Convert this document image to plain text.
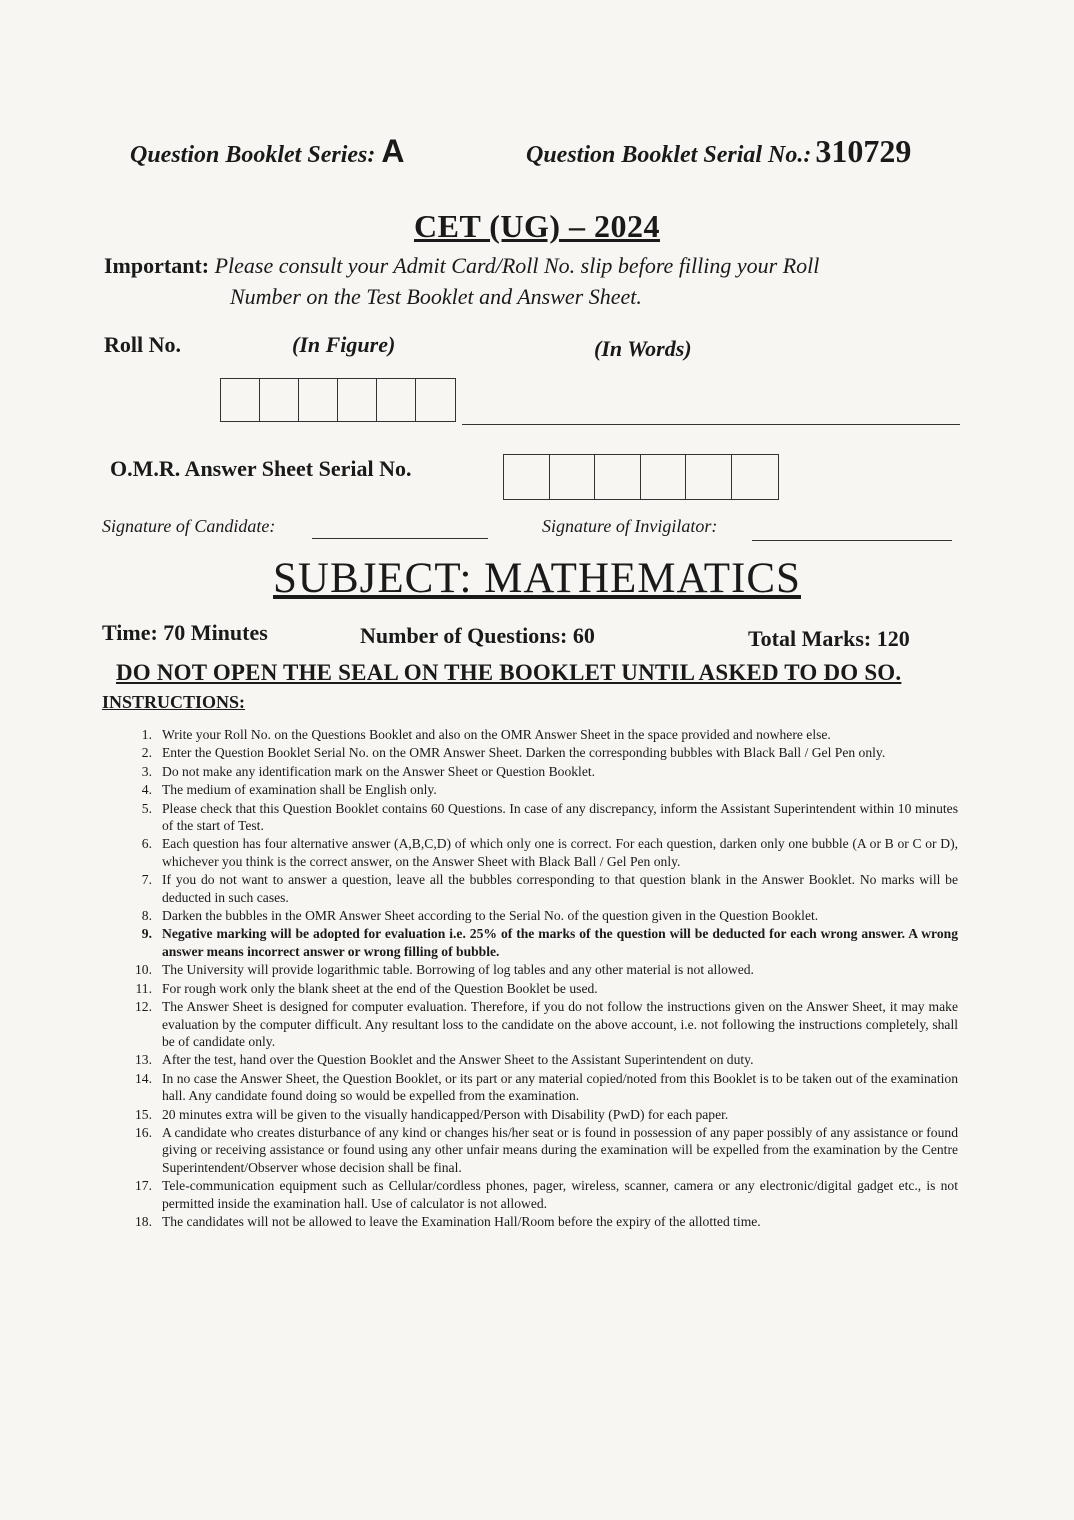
Question Booklet Series: A	Question Booklet Serial No.: 310729
CET (UG) – 2024
Important: Please consult your Admit Card/Roll No. slip before filling your Roll
Number on the Test Booklet and Answer Sheet.
Roll No.	(In Figure)	(In Words)
O.M.R. Answer Sheet Serial No.
Signature of Candidate:	Signature of Invigilator:
SUBJECT: MATHEMATICS
Time: 70 Minutes	Number of Questions: 60	Total Marks: 120
DO NOT OPEN THE SEAL ON THE BOOKLET UNTIL ASKED TO DO SO.
INSTRUCTIONS:
1. Write your Roll No. on the Questions Booklet and also on the OMR Answer Sheet in the space provided and nowhere else.
2. Enter the Question Booklet Serial No. on the OMR Answer Sheet. Darken the corresponding bubbles with Black Ball / Gel Pen only.
3. Do not make any identification mark on the Answer Sheet or Question Booklet.
4. The medium of examination shall be English only.
5. Please check that this Question Booklet contains 60 Questions. In case of any discrepancy, inform the Assistant Superintendent within 10 minutes of the start of Test.
6. Each question has four alternative answer (A,B,C,D) of which only one is correct. For each question, darken only one bubble (A or B or C or D), whichever you think is the correct answer, on the Answer Sheet with Black Ball / Gel Pen only.
7. If you do not want to answer a question, leave all the bubbles corresponding to that question blank in the Answer Booklet. No marks will be deducted in such cases.
8. Darken the bubbles in the OMR Answer Sheet according to the Serial No. of the question given in the Question Booklet.
9. Negative marking will be adopted for evaluation i.e. 25% of the marks of the question will be deducted for each wrong answer. A wrong answer means incorrect answer or wrong filling of bubble.
10. The University will provide logarithmic table. Borrowing of log tables and any other material is not allowed.
11. For rough work only the blank sheet at the end of the Question Booklet be used.
12. The Answer Sheet is designed for computer evaluation. Therefore, if you do not follow the instructions given on the Answer Sheet, it may make evaluation by the computer difficult. Any resultant loss to the candidate on the above account, i.e. not following the instructions completely, shall be of candidate only.
13. After the test, hand over the Question Booklet and the Answer Sheet to the Assistant Superintendent on duty.
14. In no case the Answer Sheet, the Question Booklet, or its part or any material copied/noted from this Booklet is to be taken out of the examination hall. Any candidate found doing so would be expelled from the examination.
15. 20 minutes extra will be given to the visually handicapped/Person with Disability (PwD) for each paper.
16. A candidate who creates disturbance of any kind or changes his/her seat or is found in possession of any paper possibly of any assistance or found giving or receiving assistance or found using any other unfair means during the examination will be expelled from the examination by the Centre Superintendent/Observer whose decision shall be final.
17. Tele-communication equipment such as Cellular/cordless phones, pager, wireless, scanner, camera or any electronic/digital gadget etc., is not permitted inside the examination hall. Use of calculator is not allowed.
18. The candidates will not be allowed to leave the Examination Hall/Room before the expiry of the allotted time.
